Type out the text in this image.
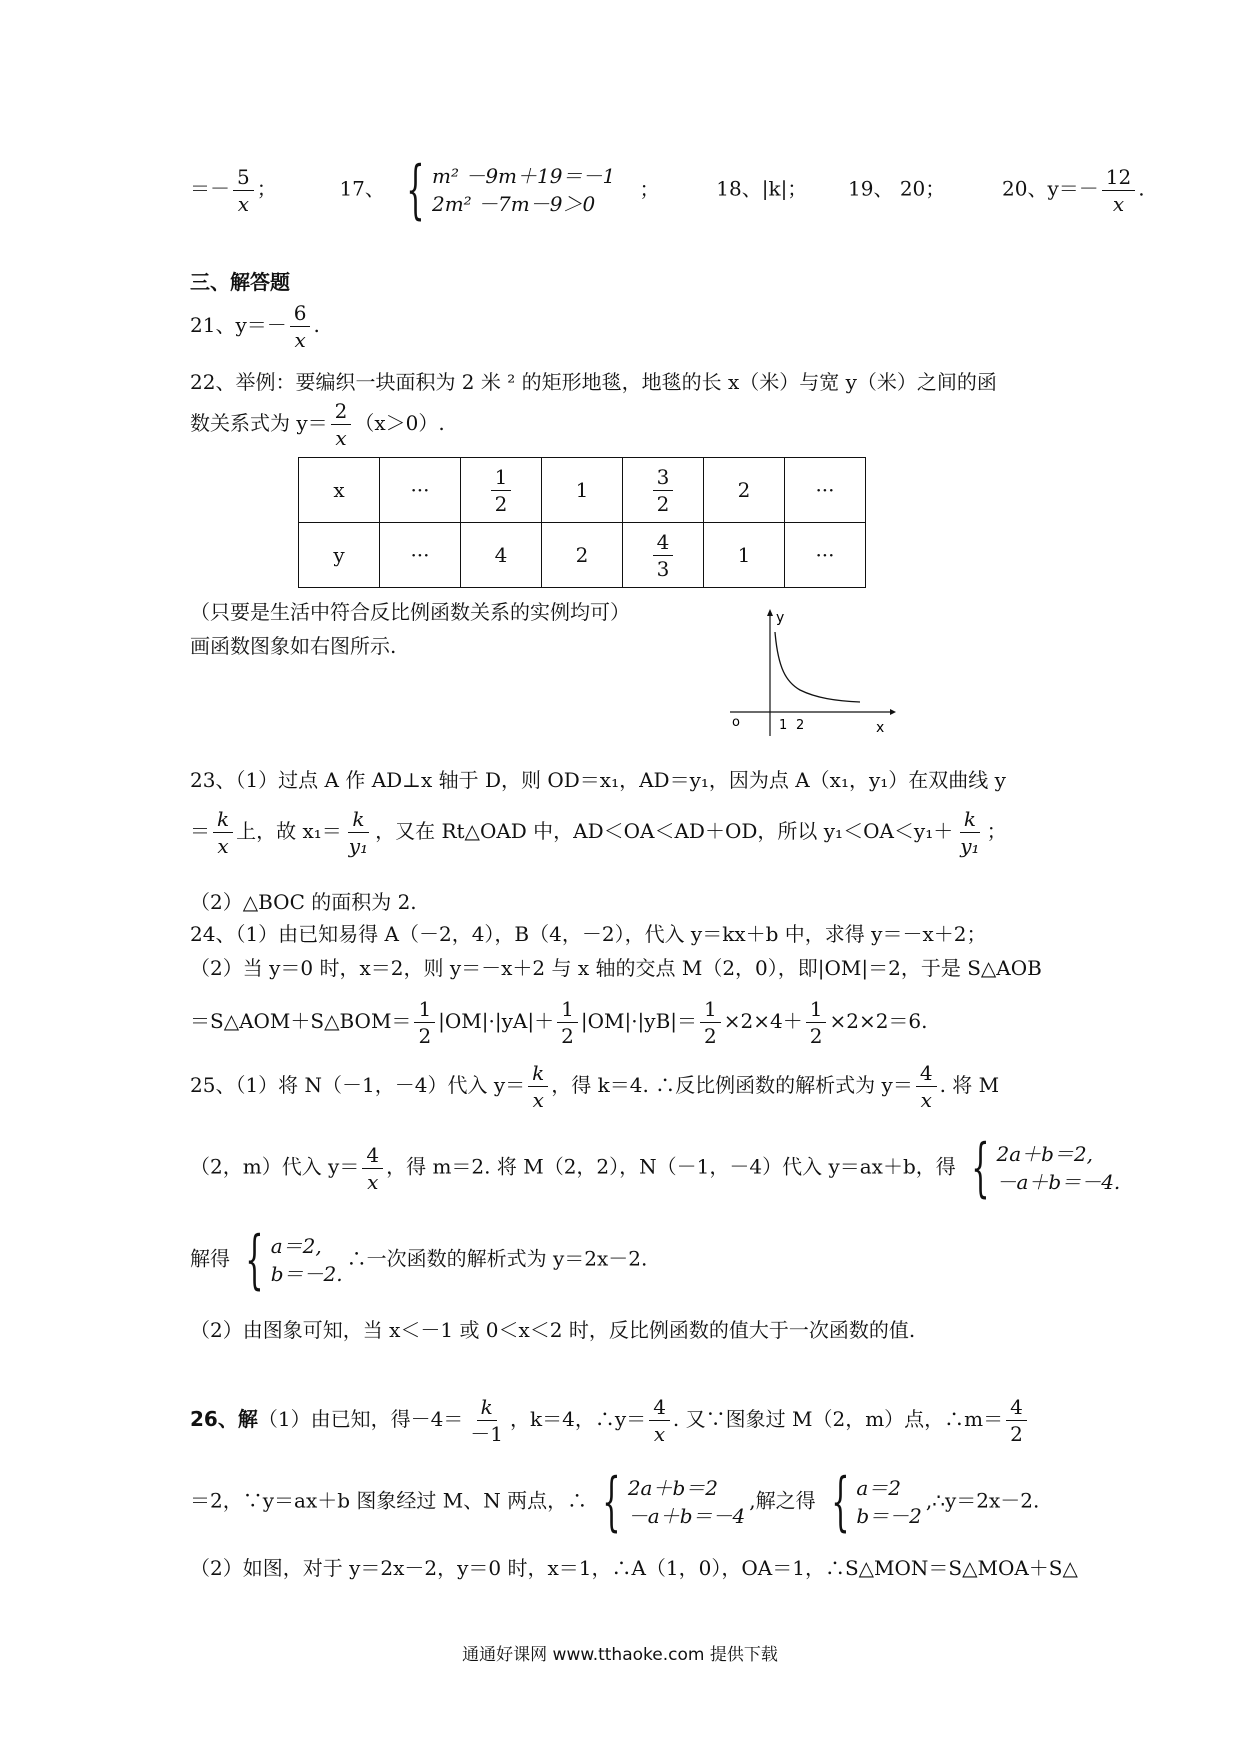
＝－ $\frac{5}{x}$ ；	17、 { m² －9m＋19＝－1
2m² －7m－9＞0
；	18、|k|； 19、 20；	20、$y=- \frac{12}{x}$ .
三、解答题
21、$y=- \frac{6}{x}$ .
22、举例：要编织一块面积为 2 米 ² 的矩形地毯，地毯的长 x（米）与宽 y（米）之间的函
数关系式为 $y= \frac{2}{x} (x>0)$.
x	···	$\frac{1}{2}$	1	$\frac{3}{2}$	2	···
y	···	4	2	$\frac{4}{3}$	1	···
（只要是生活中符合反比例函数关系的实例均可）
画函数图象如右图所示.
y
x
o	1 2
23、（1）过点 A 作 AD⊥x 轴于 D，则 OD＝x₁，AD＝y₁，因为点 A（x₁，y₁）在双曲线 y
＝ $\frac{k}{x}$ 上，故 $x_1= \frac{k}{\text{y₁}}$ ，又在 Rt△OAD 中，AD＜OA＜AD＋OD，所以 $y_1<OA<y_1+ \frac{k}{\text{y₁}}$ ；
（2）△BOC 的面积为 2.
24、（1）由已知易得 A（－2，4），B（4，－2），代入 y＝kx＋b 中，求得 y＝－x＋2；
（2）当 y＝0 时，x＝2，则 y＝－x＋2 与 x 轴的交点 M（2，0），即|OM|＝2，于是 S△AOB
＝S△AOM＋S△BOM＝ $\frac{1}{2} |OM|\cdot|yA|+ \frac{1}{2} |OM|\cdot|yB|= \frac{1}{2} \times 2\times 4+ \frac{1}{2} \times 2\times 2=6$.
25、（1）将 N（－1，－4）代入 $y= \frac{k}{x}$ ，得 k＝4. ∴反比例函数的解析式为 $y= \frac{4}{x}$ . 将 M
（2，m）代入 $y= \frac{4}{x}$ ，得 m＝2. 将 M（2，2），N（－1，－4）代入 y＝ax＋b，得 { 2a＋b＝2,
－a＋b＝－4.
解得 { a＝2,
b＝－2.
∴一次函数的解析式为 y＝2x－2.
（2）由图象可知，当 x＜－1 或 0＜x＜2 时，反比例函数的值大于一次函数的值.
26、解（1）由已知，得$-4= \frac{k}{-1}$ ，k＝4，∴y＝ $\frac{4}{x}$ . 又∵图象过 M（2，m）点，∴m＝ $\frac{4}{2}$
＝2，∵y＝ax＋b 图象经过 M、N 两点，∴ { 2a＋b＝2
－a＋b＝－4
,解之得 { a＝2
b＝－2
,∴y＝2x－2.
（2）如图，对于 y＝2x－2，y＝0 时，x＝1，∴A（1，0），OA＝1，∴S△MON＝S△MOA＋S△
通通好课网 www.tthaoke.com 提供下载
